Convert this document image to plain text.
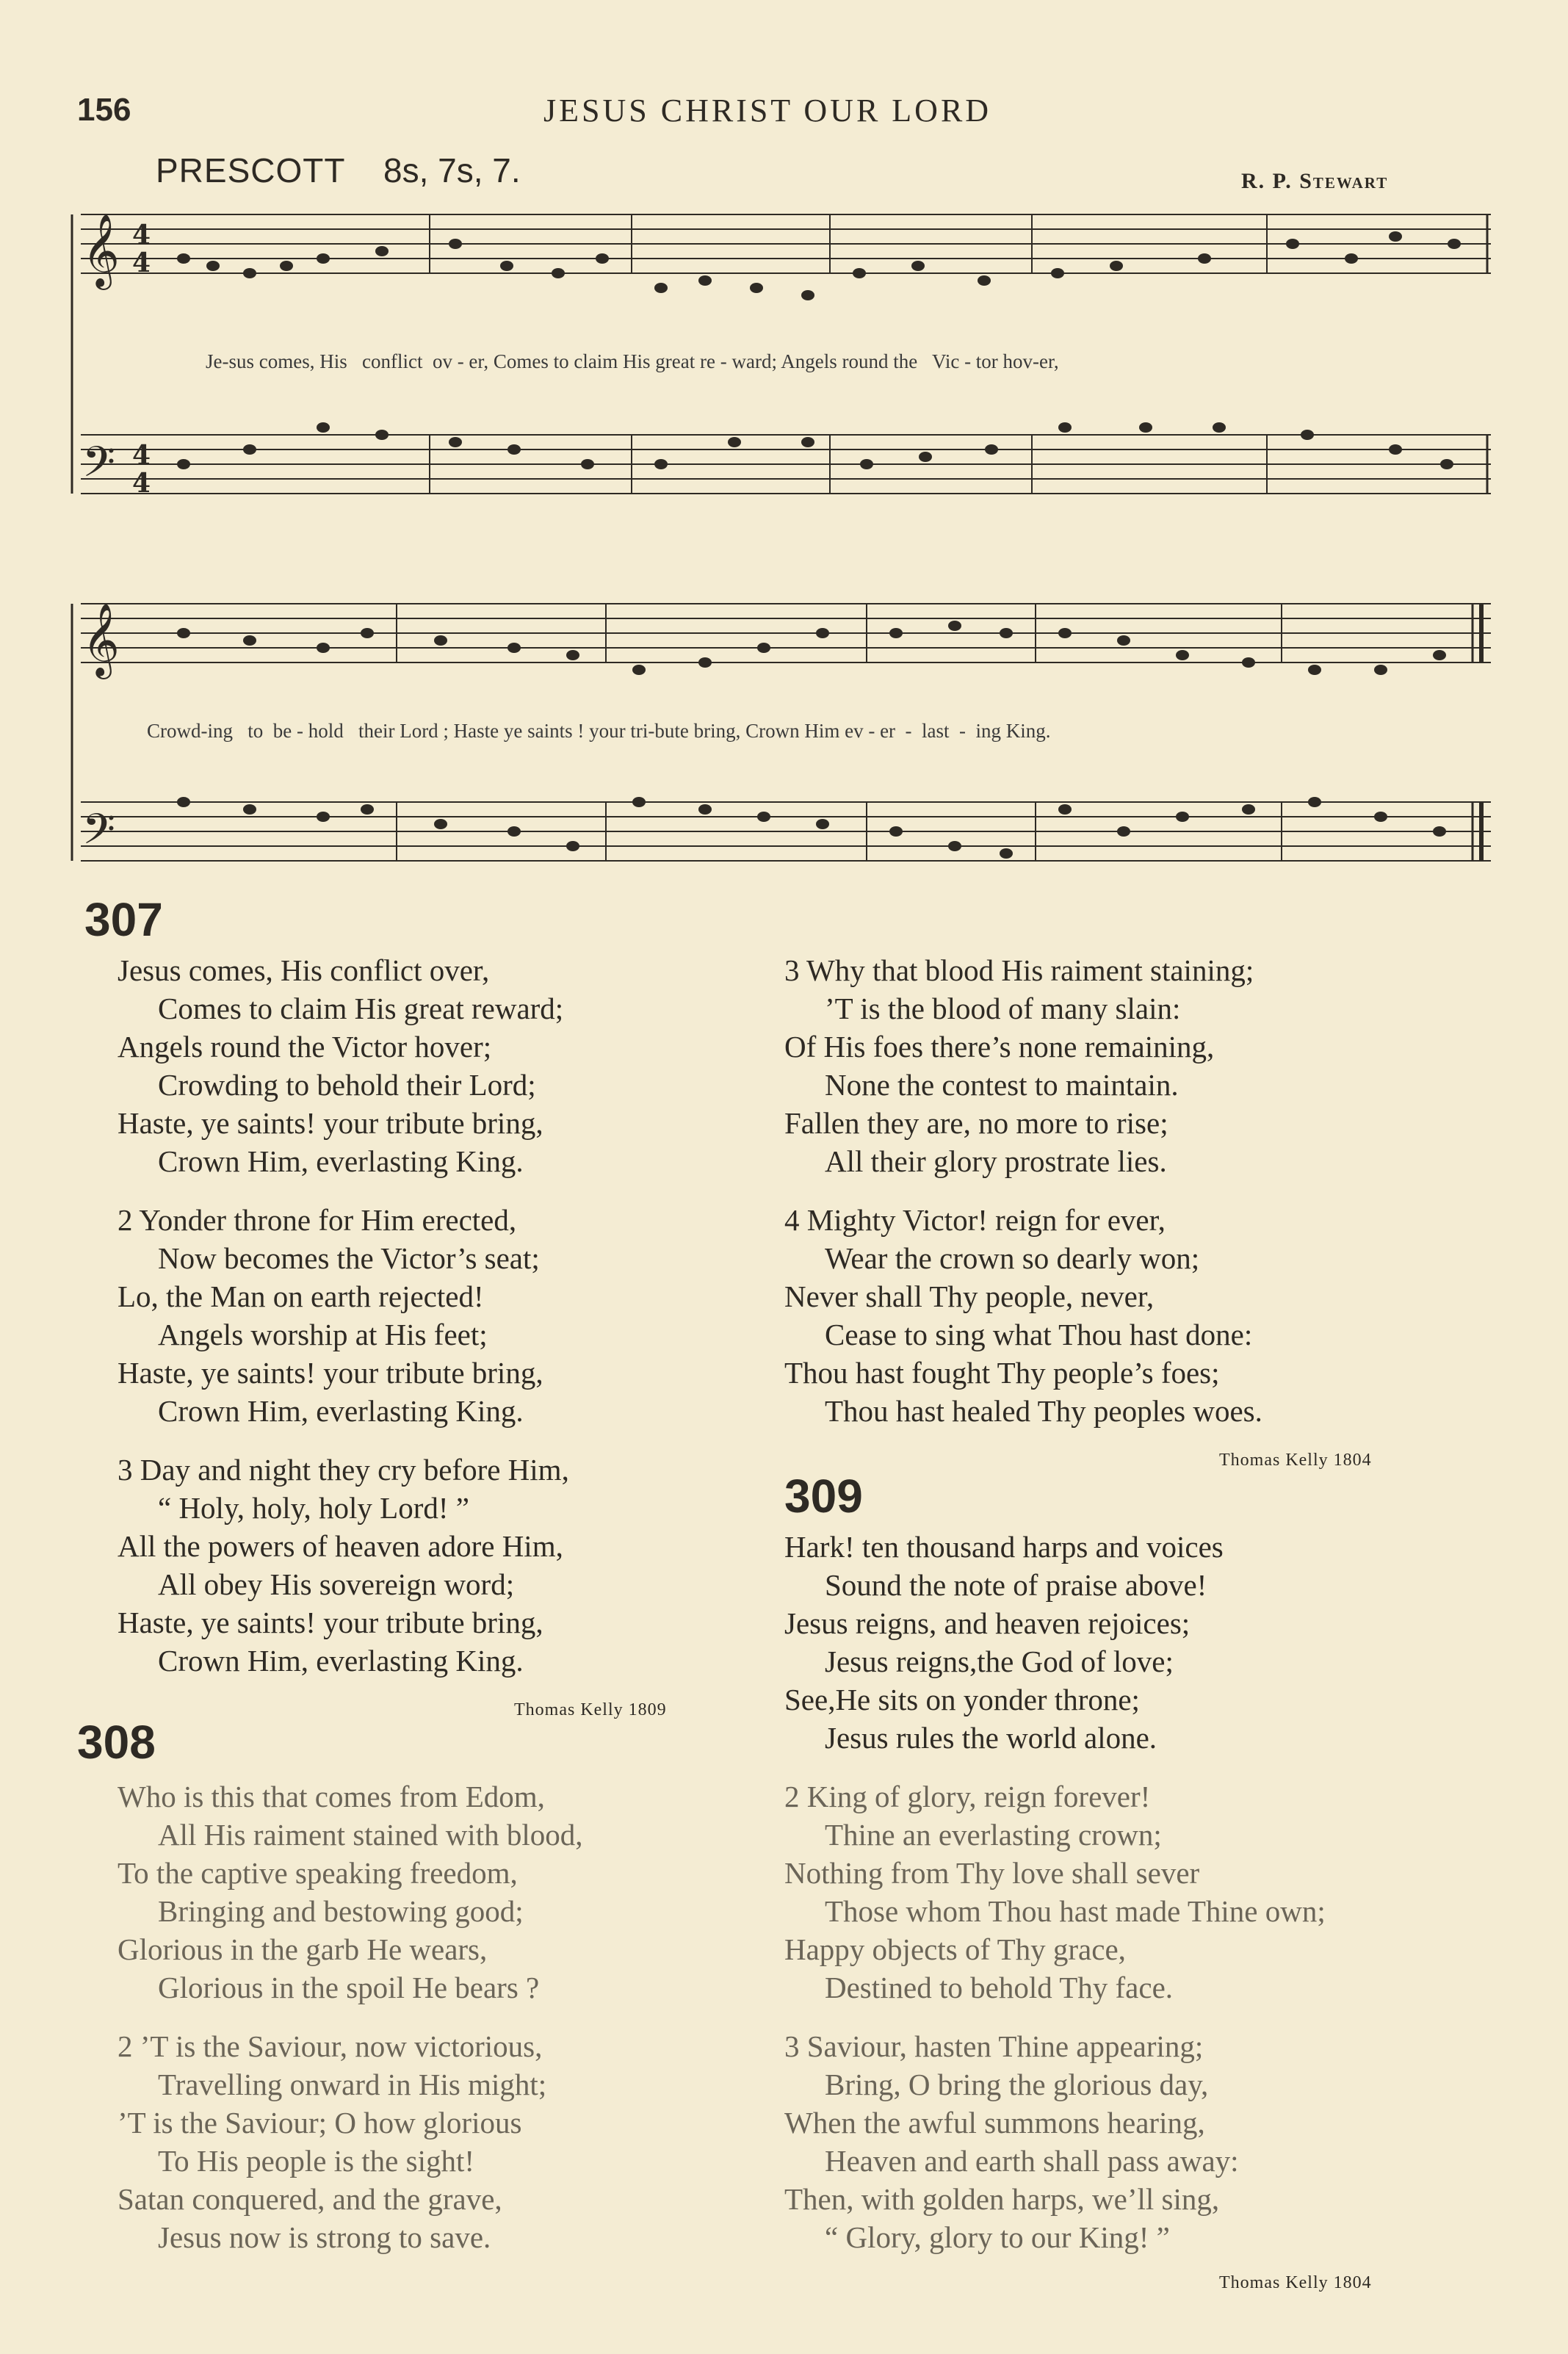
156	JESUS CHRIST OUR LORD
PRESCOTT 8s, 7s, 7.	R. P. Stewart
𝄞
𝄢
𝄞
𝄢
4
4
4
4
Je-sus comes, His   conflict  ov - er, Comes to claim His great re - ward; Angels round the   Vic - tor hov-er,
Crowd-ing   to  be - hold   their Lord ; Haste ye saints ! your tri-bute bring, Crown Him ev - er  -  last  -  ing King.
307
Jesus comes, His conflict over,
Comes to claim His great reward;
Angels round the Victor hover;
Crowding to behold their Lord;
Haste, ye saints! your tribute bring,
Crown Him, everlasting King.
2 Yonder throne for Him erected,
Now becomes the Victor’s seat;
Lo, the Man on earth rejected!
Angels worship at His feet;
Haste, ye saints! your tribute bring,
Crown Him, everlasting King.
3 Day and night they cry before Him,
“ Holy, holy, holy Lord! ”
All the powers of heaven adore Him,
All obey His sovereign word;
Haste, ye saints! your tribute bring,
Crown Him, everlasting King.
3 Why that blood His raiment staining;
’T is the blood of many slain:
Of His foes there’s none remaining,
None the contest to maintain.
Fallen they are, no more to rise;
All their glory prostrate lies.
4 Mighty Victor! reign for ever,
Wear the crown so dearly won;
Never shall Thy people, never,
Cease to sing what Thou hast done:
Thou hast fought Thy people’s foes;
Thou hast healed Thy peoples woes.
Thomas Kelly 1804
Thomas Kelly 1809
308
Who is this that comes from Edom,
All His raiment stained with blood,
To the captive speaking freedom,
Bringing and bestowing good;
Glorious in the garb He wears,
Glorious in the spoil He bears ?
2 ’T is the Saviour, now victorious,
Travelling onward in His might;
’T is the Saviour; O how glorious
To His people is the sight!
Satan conquered, and the grave,
Jesus now is strong to save.
309
Hark! ten thousand harps and voices
Sound the note of praise above!
Jesus reigns, and heaven rejoices;
Jesus reigns,the God of love;
See,He sits on yonder throne;
Jesus rules the world alone.
2 King of glory, reign forever!
Thine an everlasting crown;
Nothing from Thy love shall sever
Those whom Thou hast made Thine own;
Happy objects of Thy grace,
Destined to behold Thy face.
3 Saviour, hasten Thine appearing;
Bring, O bring the glorious day,
When the awful summons hearing,
Heaven and earth shall pass away:
Then, with golden harps, we’ll sing,
“ Glory, glory to our King! ”
Thomas Kelly 1804
